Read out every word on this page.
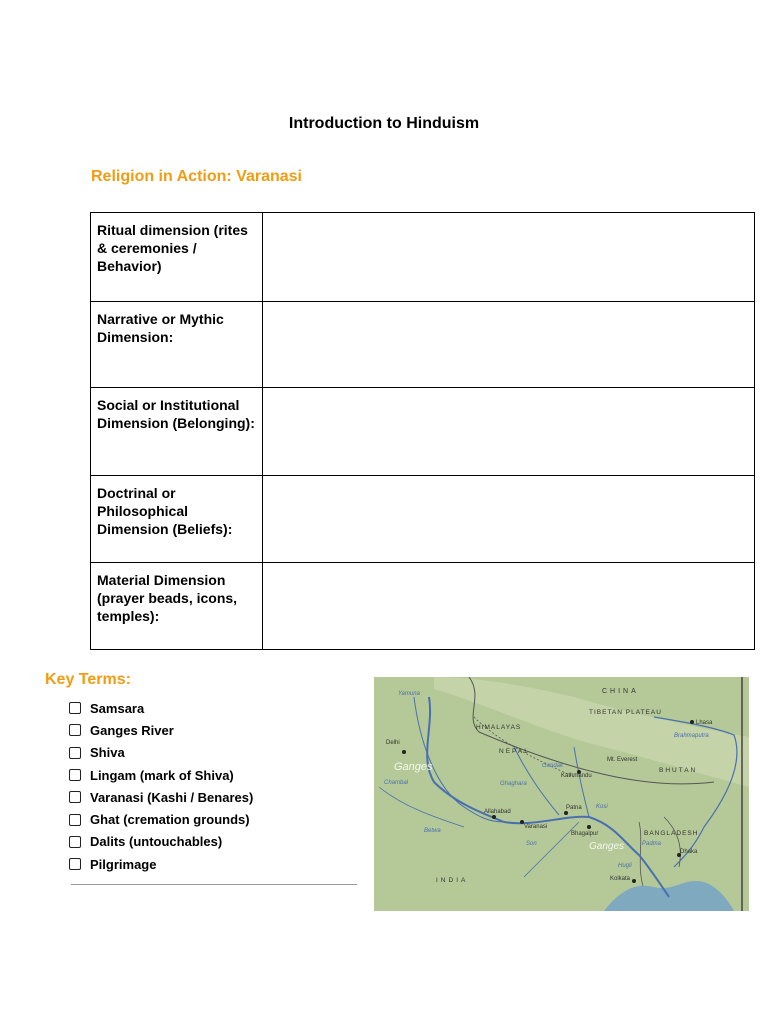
Introduction to Hinduism
Religion in Action: Varanasi
Ritual dimension (rites & ceremonies / Behavior)	
Narrative or Mythic Dimension:	
Social or Institutional Dimension (Belonging):	
Doctrinal or Philosophical Dimension (Beliefs):	
Material Dimension (prayer beads, icons, temples):	
Key Terms:
Samsara
Ganges River
Shiva
Lingam (mark of Shiva)
Varanasi (Kashi / Benares)
Ghat (cremation grounds)
Dalits (untouchables)
Pilgrimage
CHINA
TIBETAN PLATEAU
HIMALAYAS
NEPAL
BHUTAN
BANGLADESH
INDIA
Delhi
Lhasa
Kathmandu
Mt. Everest
Allahabad
Varanasi
Patna
Bhagalpur
Dhaka
Kolkata
Yamuna
Ganges
Ganges
Brahmaputra
Gandak
Ghaghara
Chambal
Kosi
Betwa
Son
Hugli
Padma
